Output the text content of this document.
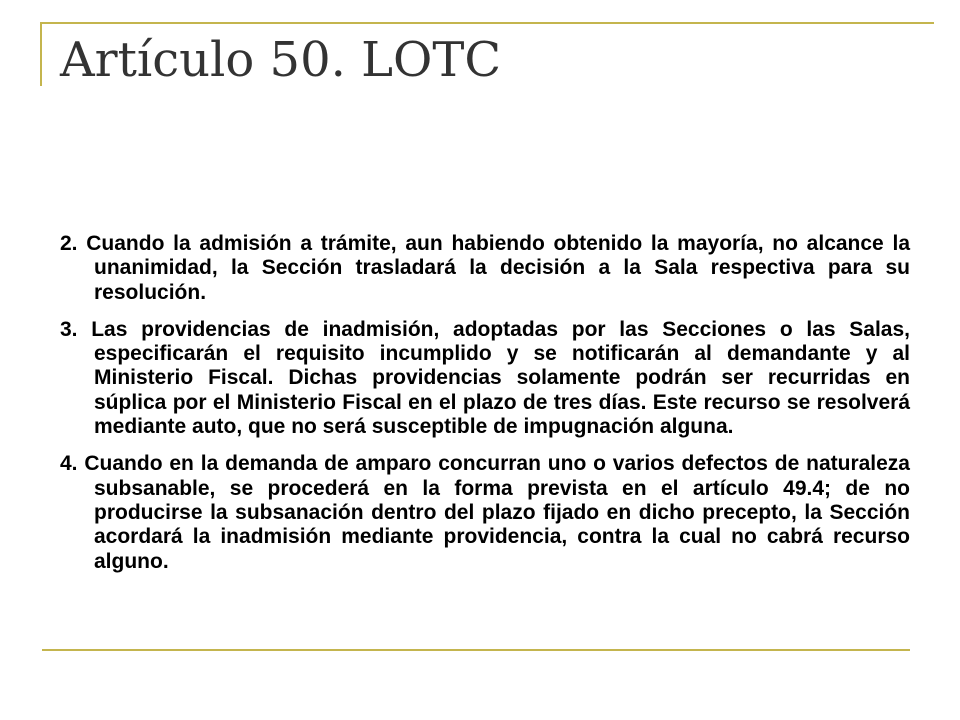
Artículo 50. LOTC
2. Cuando la admisión a trámite, aun habiendo obtenido la mayoría, no alcance la unanimidad, la Sección trasladará la decisión a la Sala respectiva para su resolución.
3. Las providencias de inadmisión, adoptadas por las Secciones o las Salas, especificarán el requisito incumplido y se notificarán al demandante y al Ministerio Fiscal. Dichas providencias solamente podrán ser recurridas en súplica por el Ministerio Fiscal en el plazo de tres días. Este recurso se resolverá mediante auto, que no será susceptible de impugnación alguna.
4. Cuando en la demanda de amparo concurran uno o varios defectos de naturaleza subsanable, se procederá en la forma prevista en el artículo 49.4; de no producirse la subsanación dentro del plazo fijado en dicho precepto, la Sección acordará la inadmisión mediante providencia, contra la cual no cabrá recurso alguno.
